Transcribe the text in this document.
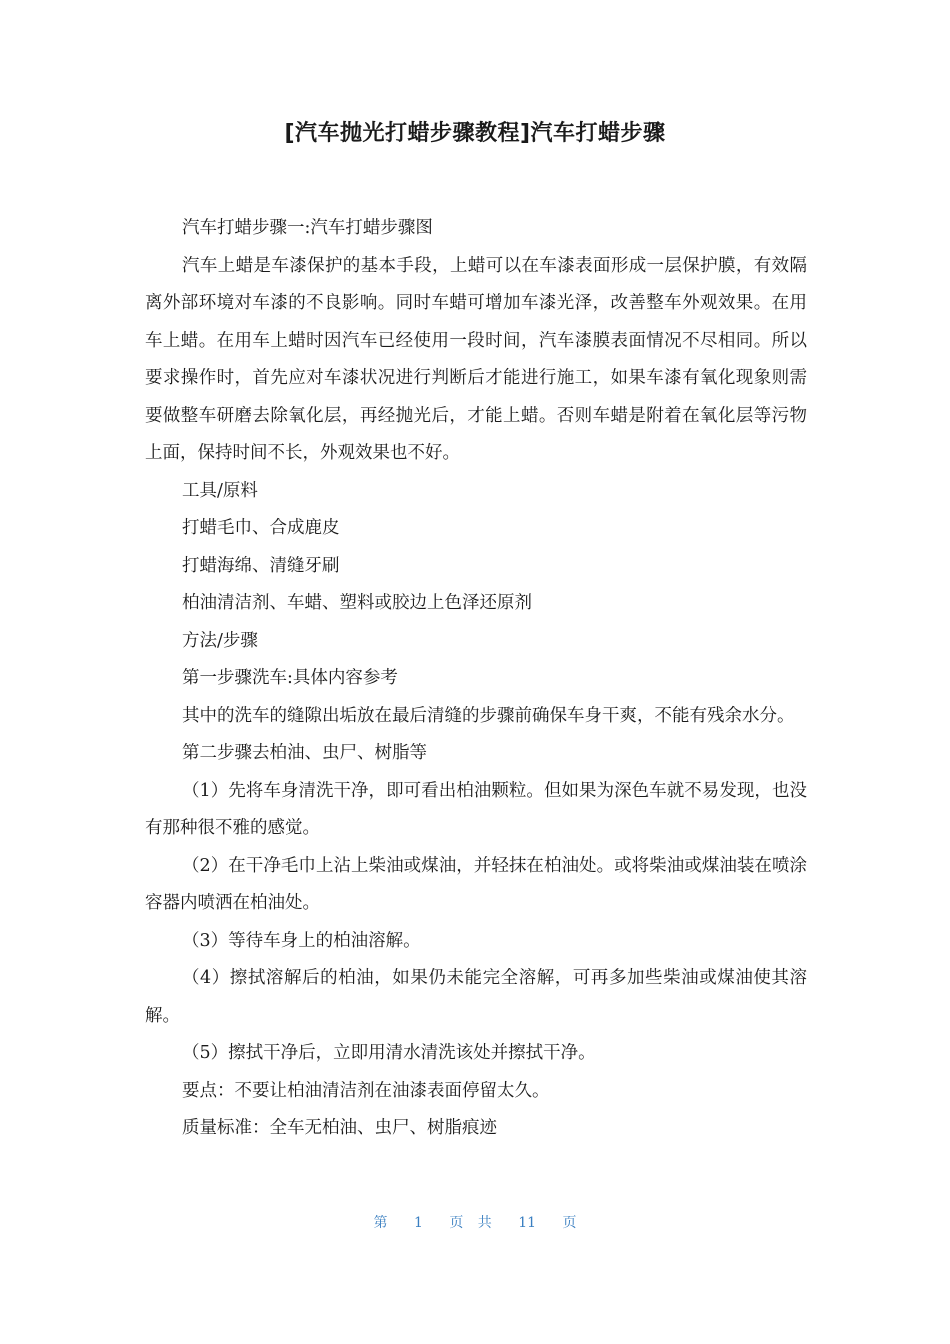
[汽车抛光打蜡步骤教程]汽车打蜡步骤

汽车打蜡步骤一:汽车打蜡步骤图

汽车上蜡是车漆保护的基本手段，上蜡可以在车漆表面形成一层保护膜，有效隔离外部环境对车漆的不良影响。同时车蜡可增加车漆光泽，改善整车外观效果。在用车上蜡。在用车上蜡时因汽车已经使用一段时间，汽车漆膜表面情况不尽相同。所以要求操作时，首先应对车漆状况进行判断后才能进行施工，如果车漆有氧化现象则需要做整车研磨去除氧化层，再经抛光后，才能上蜡。否则车蜡是附着在氧化层等污物上面，保持时间不长，外观效果也不好。

工具/原料

打蜡毛巾、合成鹿皮

打蜡海绵、清缝牙刷

柏油清洁剂、车蜡、塑料或胶边上色泽还原剂

方法/步骤

第一步骤洗车:具体内容参考

其中的洗车的缝隙出垢放在最后清缝的步骤前确保车身干爽，不能有残余水分。

第二步骤去柏油、虫尸、树脂等

（1）先将车身清洗干净，即可看出柏油颗粒。但如果为深色车就不易发现，也没有那种很不雅的感觉。

（2）在干净毛巾上沾上柴油或煤油，并轻抹在柏油处。或将柴油或煤油装在喷涂容器内喷洒在柏油处。

（3）等待车身上的柏油溶解。

（4）擦拭溶解后的柏油，如果仍未能完全溶解，可再多加些柴油或煤油使其溶解。

（5）擦拭干净后，立即用清水清洗该处并擦拭干净。

要点：不要让柏油清洁剂在油漆表面停留太久。

质量标准：全车无柏油、虫尸、树脂痕迹

第 1 页 共 11 页
